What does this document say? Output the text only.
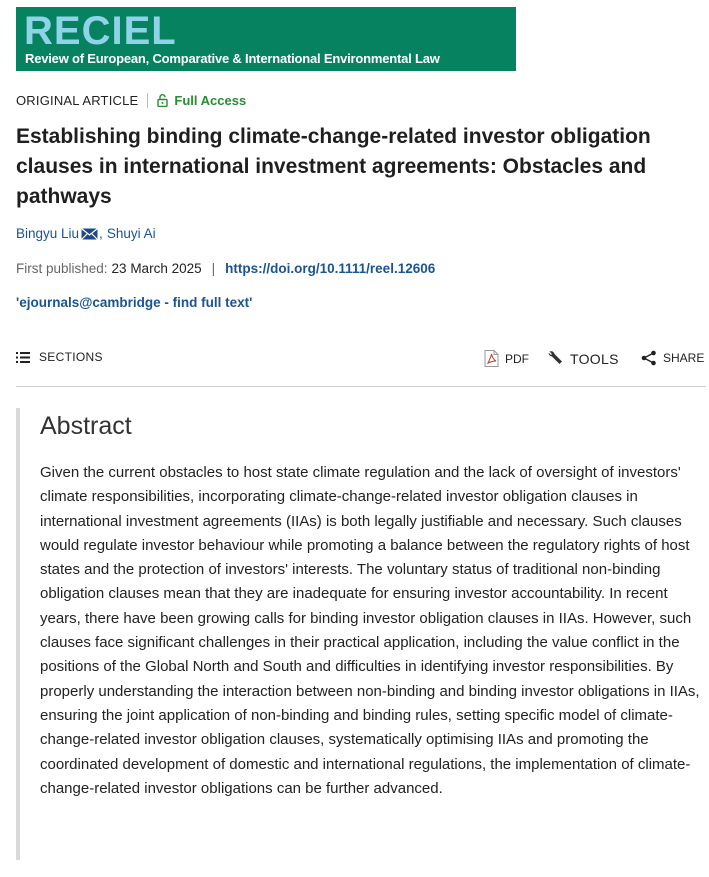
RECIEL
Review of European, Comparative & International Environmental Law
ORIGINAL ARTICLE	Full Access
Establishing binding climate-change-related investor obligation clauses in international investment agreements: Obstacles and pathways
Bingyu Liu , Shuyi Ai
First published: 23 March 2025 | https://doi.org/10.1111/reel.12606
'ejournals@cambridge - find full text'
SECTIONS	PDF	TOOLS	SHARE
Abstract

Given the current obstacles to host state climate regulation and the lack of oversight of investors' climate responsibilities, incorporating climate-change-related investor obligation clauses in international investment agreements (IIAs) is both legally justifiable and necessary. Such clauses would regulate investor behaviour while promoting a balance between the regulatory rights of host states and the protection of investors' interests. The voluntary status of traditional non-binding obligation clauses mean that they are inadequate for ensuring investor accountability. In recent years, there have been growing calls for binding investor obligation clauses in IIAs. However, such clauses face significant challenges in their practical application, including the value conflict in the positions of the Global North and South and difficulties in identifying investor responsibilities. By properly understanding the interaction between non-binding and binding investor obligations in IIAs, ensuring the joint application of non-binding and binding rules, setting specific model of climate-change-related investor obligation clauses, systematically optimising IIAs and promoting the coordinated development of domestic and international regulations, the implementation of climate-change-related investor obligations can be further advanced.
